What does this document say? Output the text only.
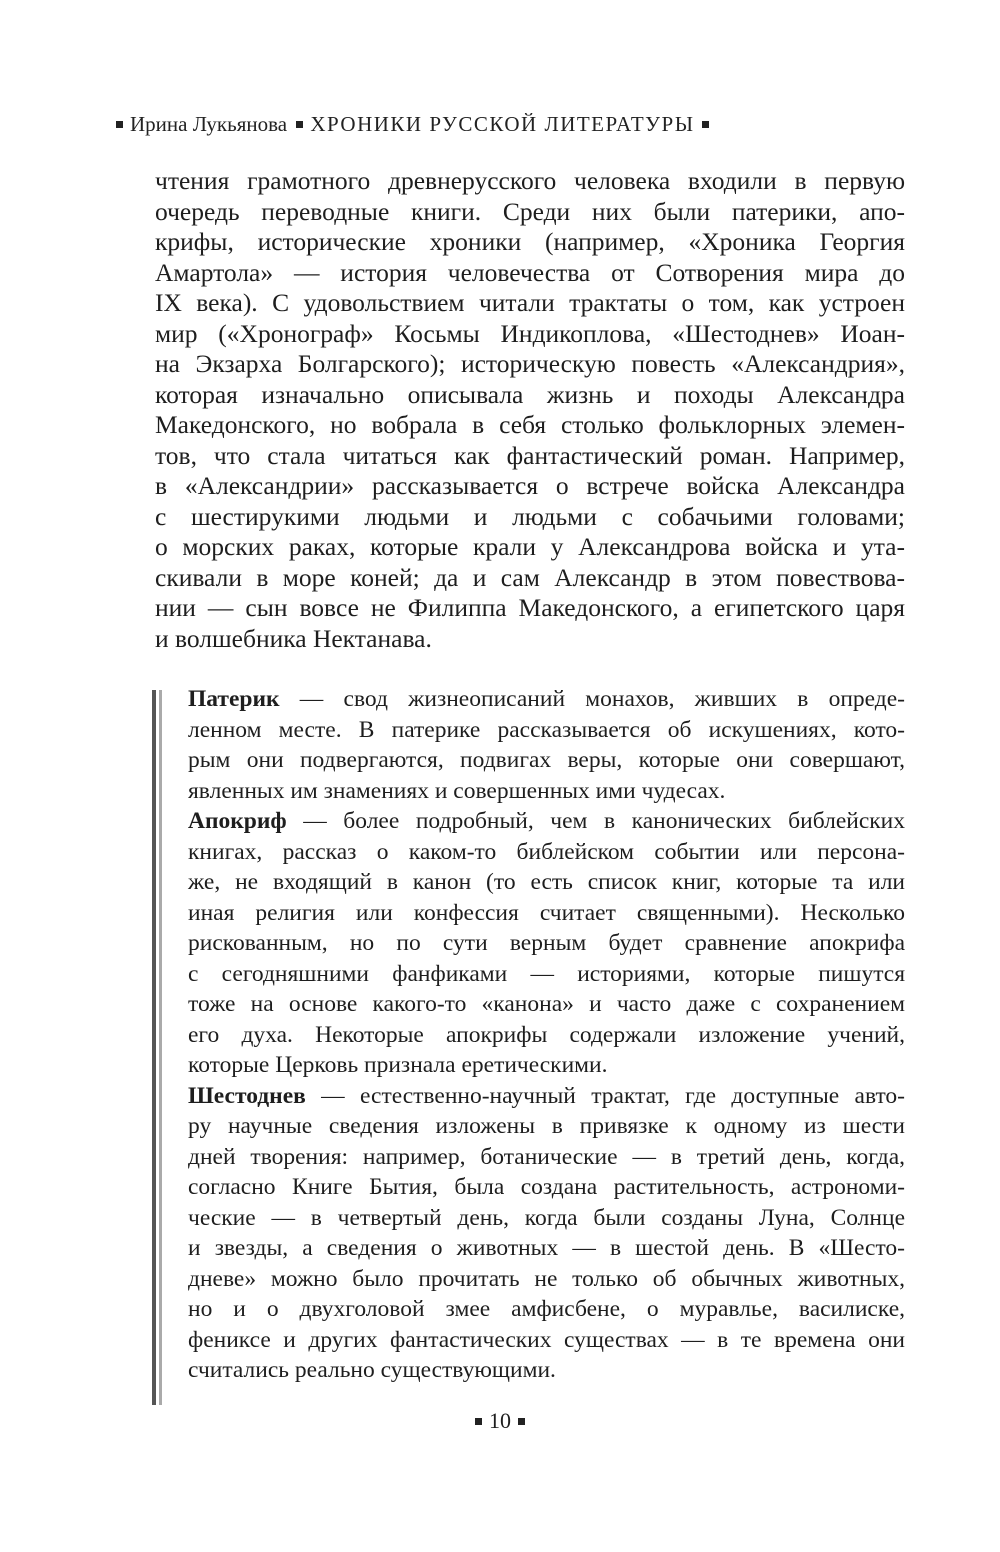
Ирина Лукьянова ХРОНИКИ РУССКОЙ ЛИТЕРАТУРЫ
чтения грамотного древнерусского человека входили в первую
очередь переводные книги. Среди них были патерики, апо-
крифы, исторические хроники (например, «Хроника Георгия
Амартола» — история человечества от Сотворения мира до
IX века). С удовольствием читали трактаты о том, как устроен
мир («Хронограф» Косьмы Индикоплова, «Шестоднев» Иоан-
на Экзарха Болгарского); историческую повесть «Александрия»,
которая изначально описывала жизнь и походы Александра
Македонского, но вобрала в себя столько фольклорных элемен-
тов, что стала читаться как фантастический роман. Например,
в «Александрии» рассказывается о встрече войска Александра
с шестирукими людьми и людьми с собачьими головами;
о морских раках, которые крали у Александрова войска и ута-
скивали в море коней; да и сам Александр в этом повествова-
нии — сын вовсе не Филиппа Македонского, а египетского царя
и волшебника Нектанава.
Патерик — свод жизнеописаний монахов, живших в опреде-
ленном месте. В патерике рассказывается об искушениях, кото-
рым они подвергаются, подвигах веры, которые они совершают,
явленных им знамениях и совершенных ими чудесах.
Апокриф — более подробный, чем в канонических библейских
книгах, рассказ о каком-то библейском событии или персона-
же, не входящий в канон (то есть список книг, которые та или
иная религия или конфессия считает священными). Несколько
рискованным, но по сути верным будет сравнение апокрифа
с сегодняшними фанфиками — историями, которые пишутся
тоже на основе какого-то «канона» и часто даже с сохранением
его духа. Некоторые апокрифы содержали изложение учений,
которые Церковь признала еретическими.
Шестоднев — естественно-научный трактат, где доступные авто-
ру научные сведения изложены в привязке к одному из шести
дней творения: например, ботанические — в третий день, когда,
согласно Книге Бытия, была создана растительность, астрономи-
ческие — в четвертый день, когда были созданы Луна, Солнце
и звезды, а сведения о животных — в шестой день. В «Шесто-
дневе» можно было прочитать не только об обычных животных,
но и о двухголовой змее амфисбене, о муравлье, василиске,
фениксе и других фантастических существах — в те времена они
считались реально существующими.
10
